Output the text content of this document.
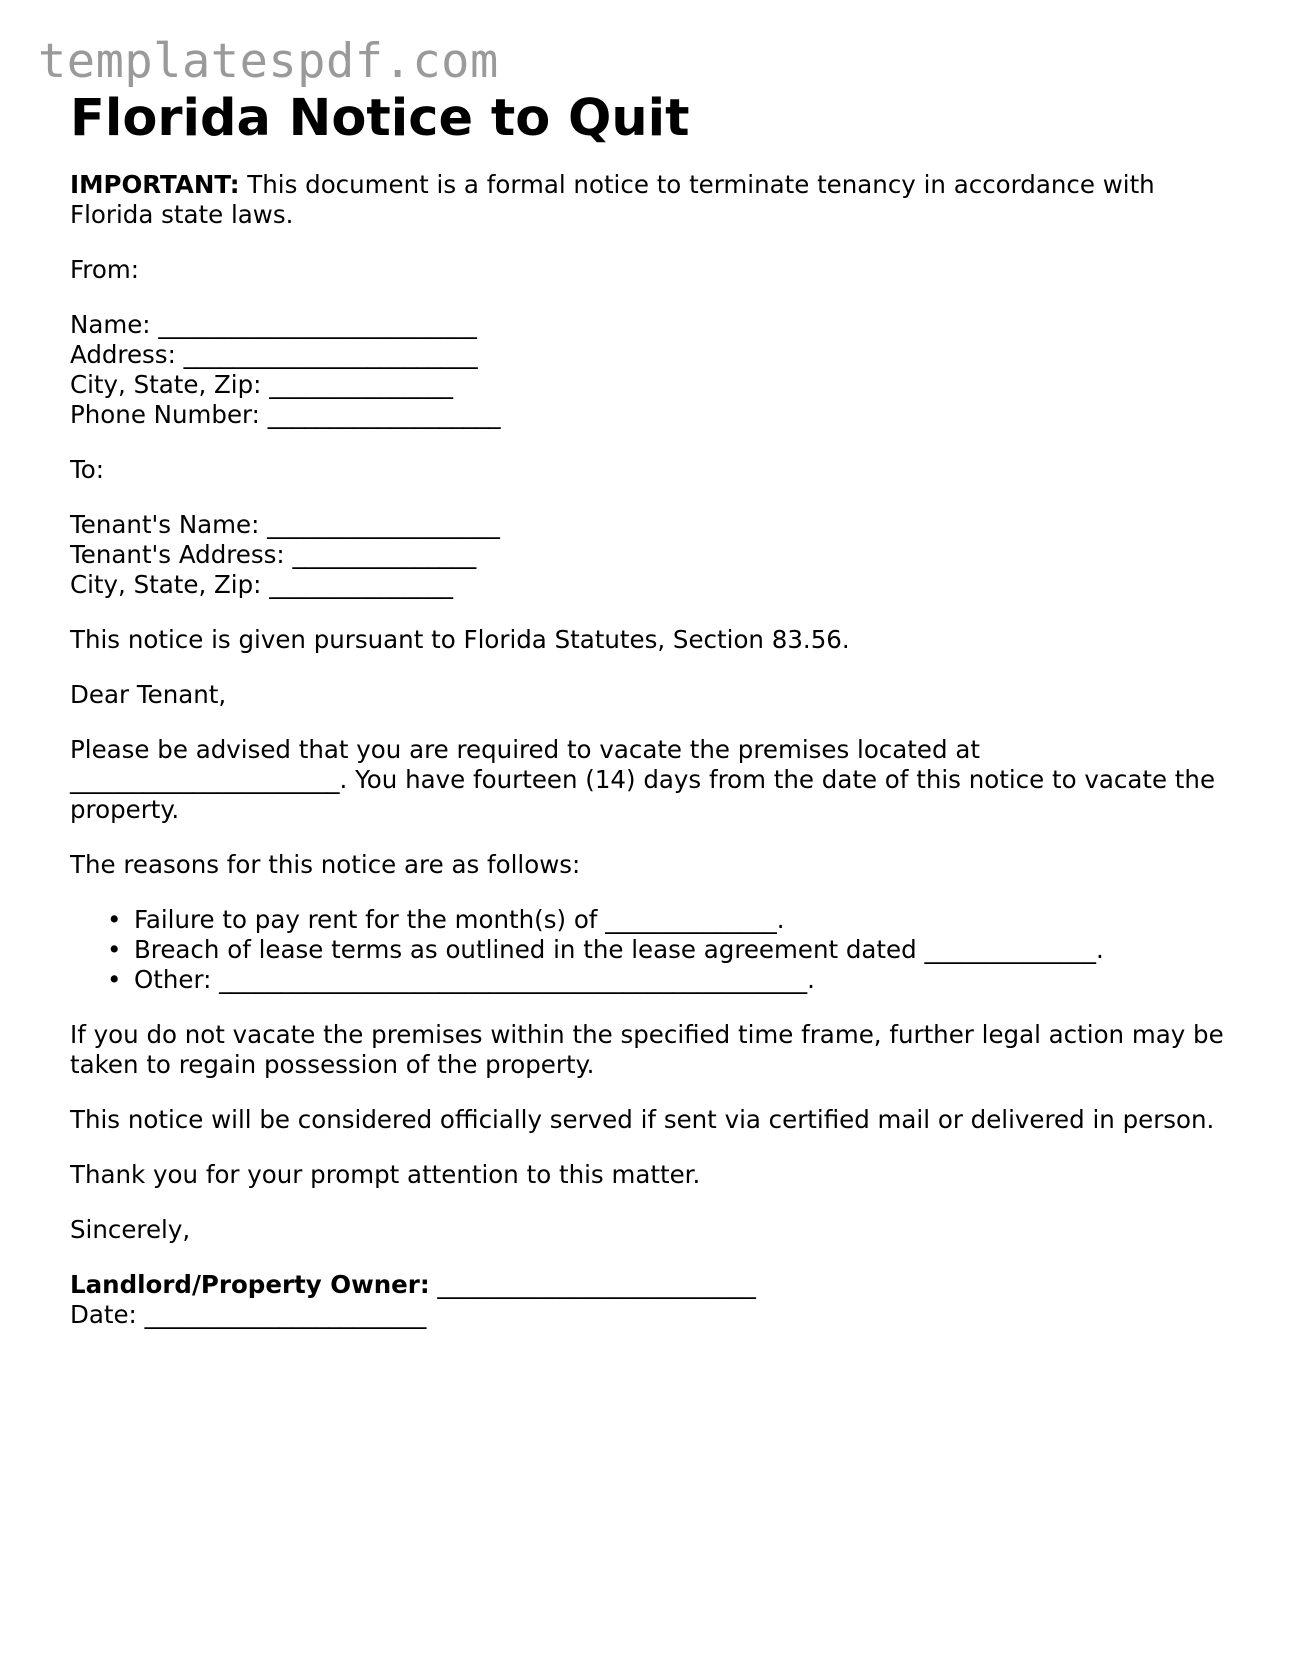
templatespdf.com
Florida Notice to Quit

IMPORTANT: This document is a formal notice to terminate tenancy in accordance with Florida state laws.

From:

Name: __________________________
Address: ________________________
City, State, Zip: _______________
Phone Number: ___________________

To:

Tenant's Name: ___________________
Tenant's Address: _______________
City, State, Zip: _______________

This notice is given pursuant to Florida Statutes, Section 83.56.

Dear Tenant,

Please be advised that you are required to vacate the premises located at ______________________. You have fourteen (14) days from the date of this notice to vacate the property.

The reasons for this notice are as follows:

• Failure to pay rent for the month(s) of ______________.
• Breach of lease terms as outlined in the lease agreement dated ______________.
• Other: ________________________________________________.

If you do not vacate the premises within the specified time frame, further legal action may be taken to regain possession of the property.

This notice will be considered officially served if sent via certified mail or delivered in person.

Thank you for your prompt attention to this matter.

Sincerely,

Landlord/Property Owner: __________________________
Date: _______________________
